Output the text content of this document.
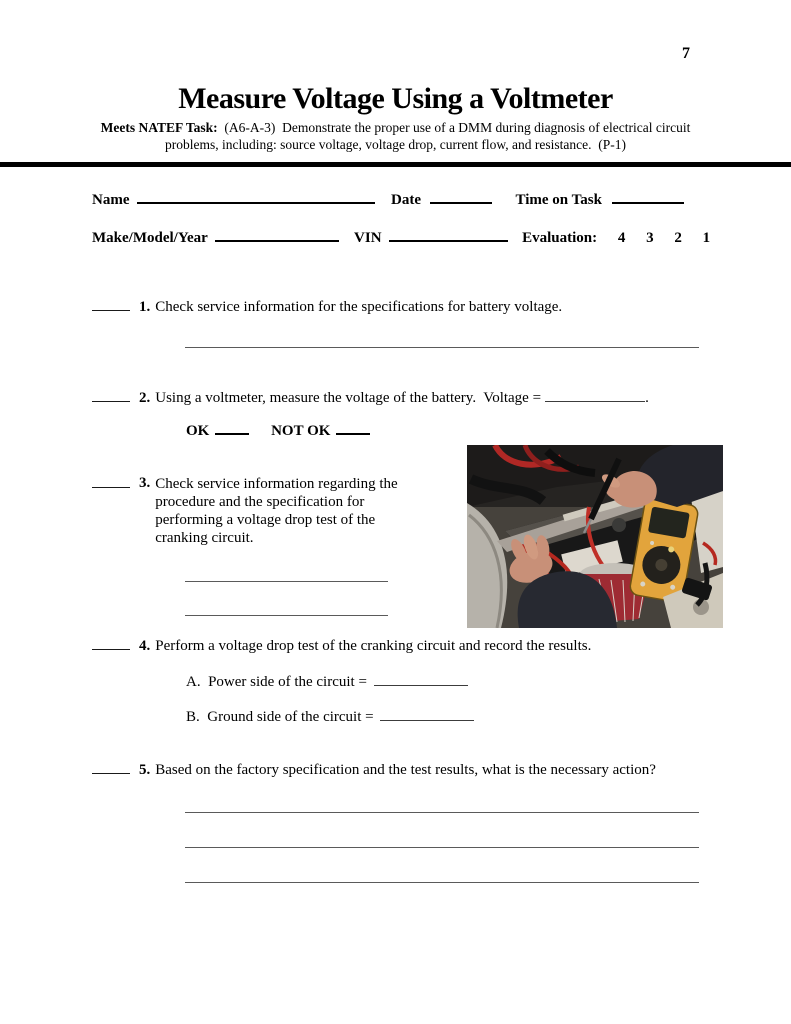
7
Measure Voltage Using a Voltmeter
Meets NATEF Task: (A6-A-3) Demonstrate the proper use of a DMM during diagnosis of electrical circuit problems, including: source voltage, voltage drop, current flow, and resistance. (P-1)
Name	Date	Time on Task
Make/Model/Year	VIN	Evaluation: 4 3 2 1
1. Check service information for the specifications for battery voltage.
2. Using a voltmeter, measure the voltage of the battery.  Voltage =	.
OK	NOT OK
3. Check service information regarding the procedure and the specification for performing a voltage drop test of the cranking circuit.
4. Perform a voltage drop test of the cranking circuit and record the results.
A. Power side of the circuit =
B. Ground side of the circuit =
5. Based on the factory specification and the test results, what is the necessary action?
